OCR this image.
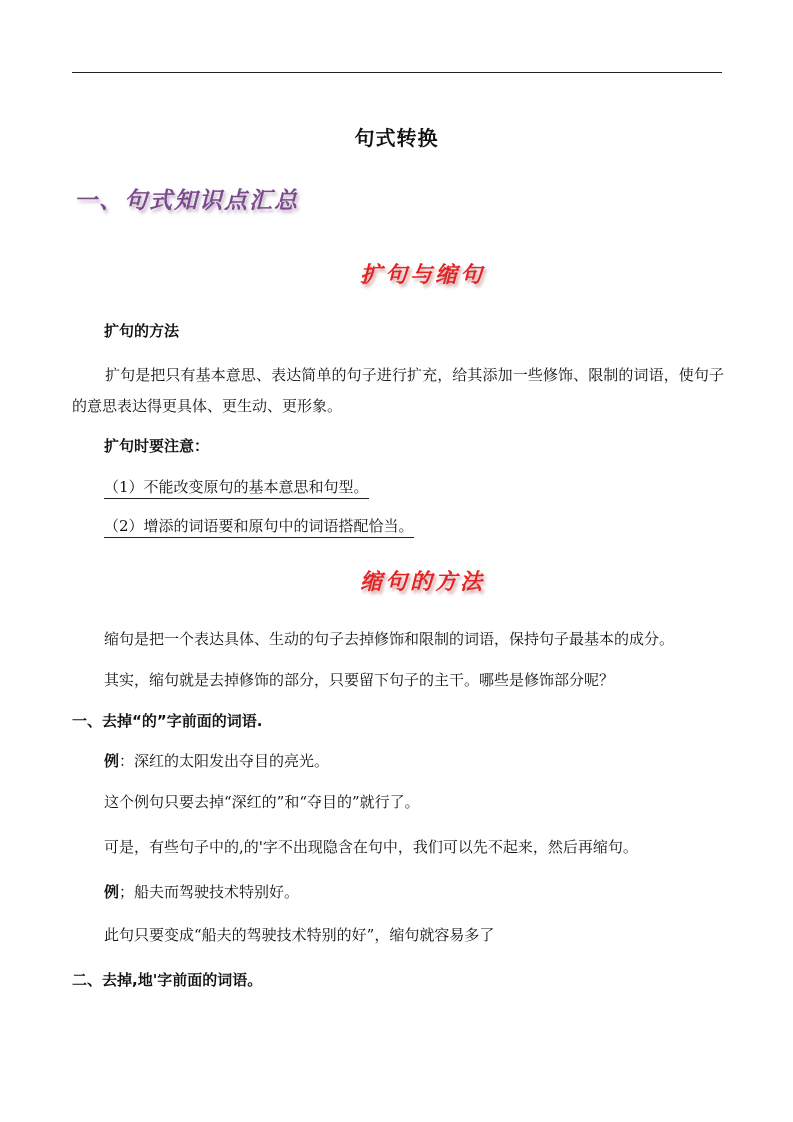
句式转换
一、句式知识点汇总
扩句与缩句
扩句的方法
扩句是把只有基本意思、表达简单的句子进行扩充，给其添加一些修饰、限制的词语，使句子的意思表达得更具体、更生动、更形象。
扩句时要注意：
（1）不能改变原句的基本意思和句型。
（2）增添的词语要和原句中的词语搭配恰当。
缩句的方法
缩句是把一个表达具体、生动的句子去掉修饰和限制的词语，保持句子最基本的成分。
其实，缩句就是去掉修饰的部分，只要留下句子的主干。哪些是修饰部分呢？
一、去掉“的”字前面的词语.
例：深红的太阳发出夺目的亮光。
这个例句只要去掉“深红的”和“夺目的”就行了。
可是，有些句子中的,的'字不出现隐含在句中，我们可以先不起来，然后再缩句。
例；船夫而驾驶技术特别好。
此句只要变成“船夫的驾驶技术特别的好”，缩句就容易多了
二、去掉,地'字前面的词语。
